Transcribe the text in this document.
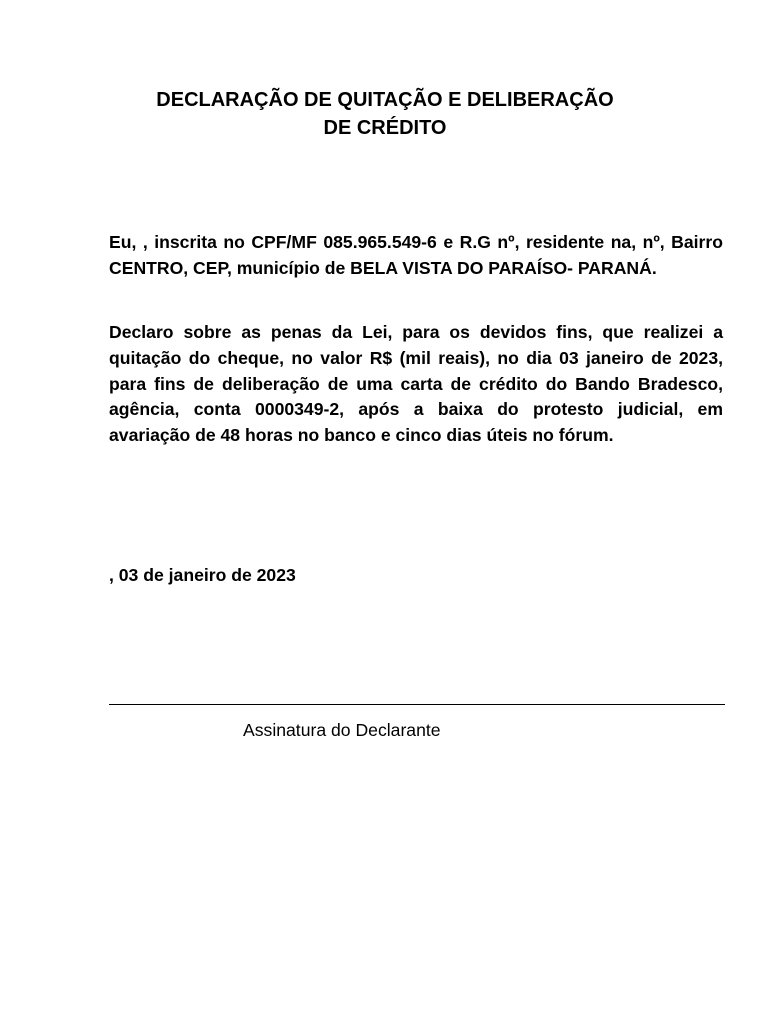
DECLARAÇÃO DE QUITAÇÃO E DELIBERAÇÃO
DE CRÉDITO

Eu, , inscrita no CPF/MF 085.965.549-6 e R.G nº, residente na, nº, Bairro CENTRO, CEP, município de BELA VISTA DO PARAÍSO- PARANÁ.

Declaro sobre as penas da Lei, para os devidos fins, que realizei a quitação do cheque, no valor R$ (mil reais), no dia 03 janeiro de 2023, para fins de deliberação de uma carta de crédito do Bando Bradesco, agência, conta 0000349-2, após a baixa do protesto judicial, em avariação de 48 horas no banco e cinco dias úteis no fórum.

, 03 de janeiro de 2023

Assinatura do Declarante
